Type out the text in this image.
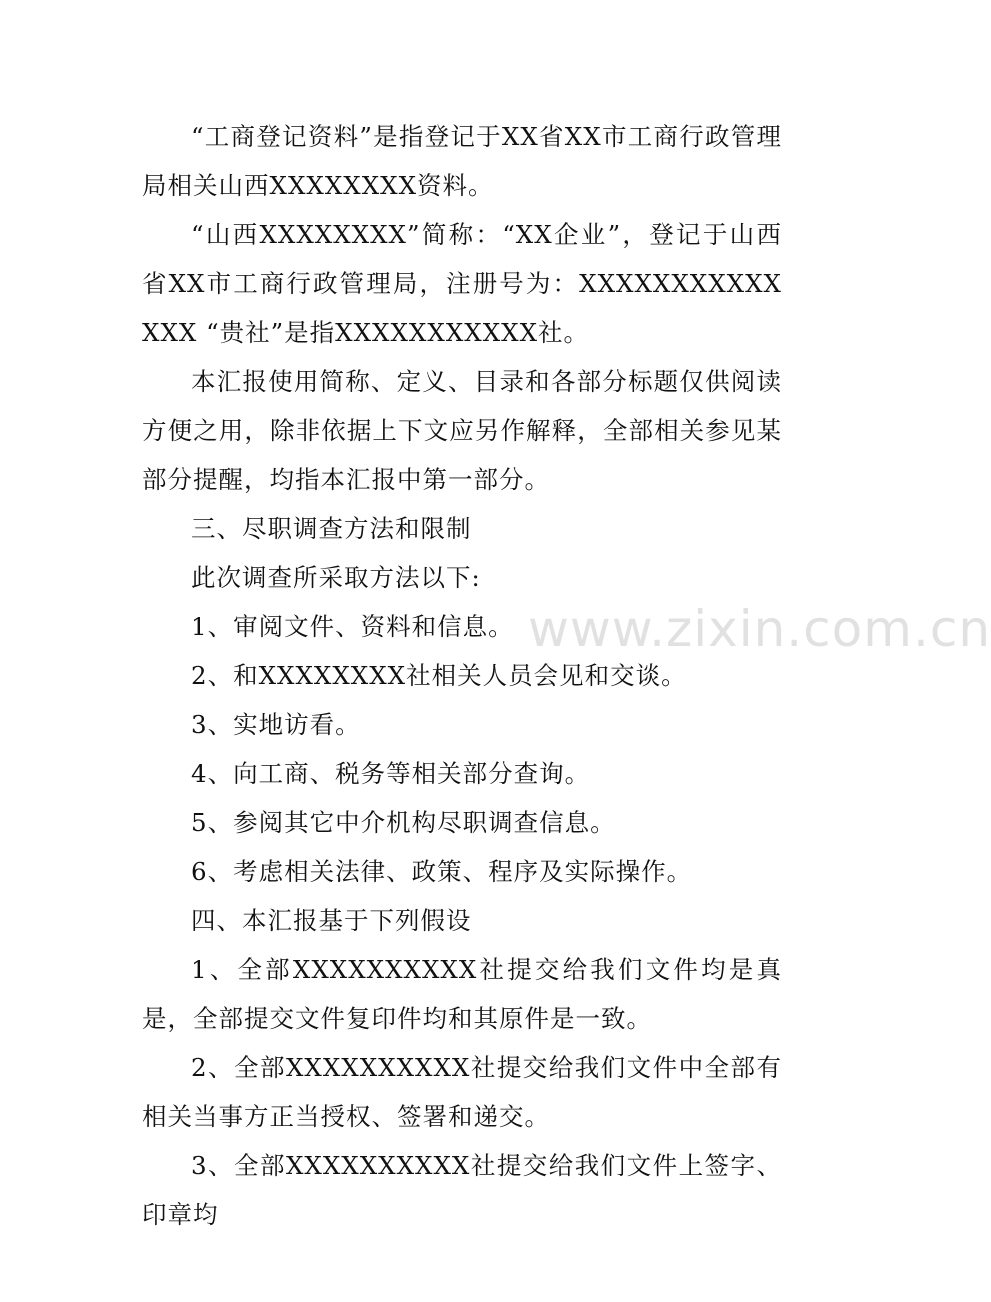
“工商登记资料”是指登记于XX省XX市工商行政管理局相关山西XXXXXXXX资料。

“山西XXXXXXXX”简称：“XX企业”，登记于山西省XX市工商行政管理局，注册号为：XXXXXXXXXXXXXX “贵社”是指XXXXXXXXXXX社。

本汇报使用简称、定义、目录和各部分标题仅供阅读方便之用，除非依据上下文应另作解释，全部相关参见某部分提醒，均指本汇报中第一部分。

三、尽职调查方法和限制

此次调查所采取方法以下:

1、审阅文件、资料和信息。

2、和XXXXXXXX社相关人员会见和交谈。

3、实地访看。

4、向工商、税务等相关部分查询。

5、参阅其它中介机构尽职调查信息。

6、考虑相关法律、政策、程序及实际操作。

四、本汇报基于下列假设

1、全部XXXXXXXXXX社提交给我们文件均是真是，全部提交文件复印件均和其原件是一致。

2、全部XXXXXXXXXX社提交给我们文件中全部有相关当事方正当授权、签署和递交。

3、全部XXXXXXXXXX社提交给我们文件上签字、印章均

www.zixin.com.cn
